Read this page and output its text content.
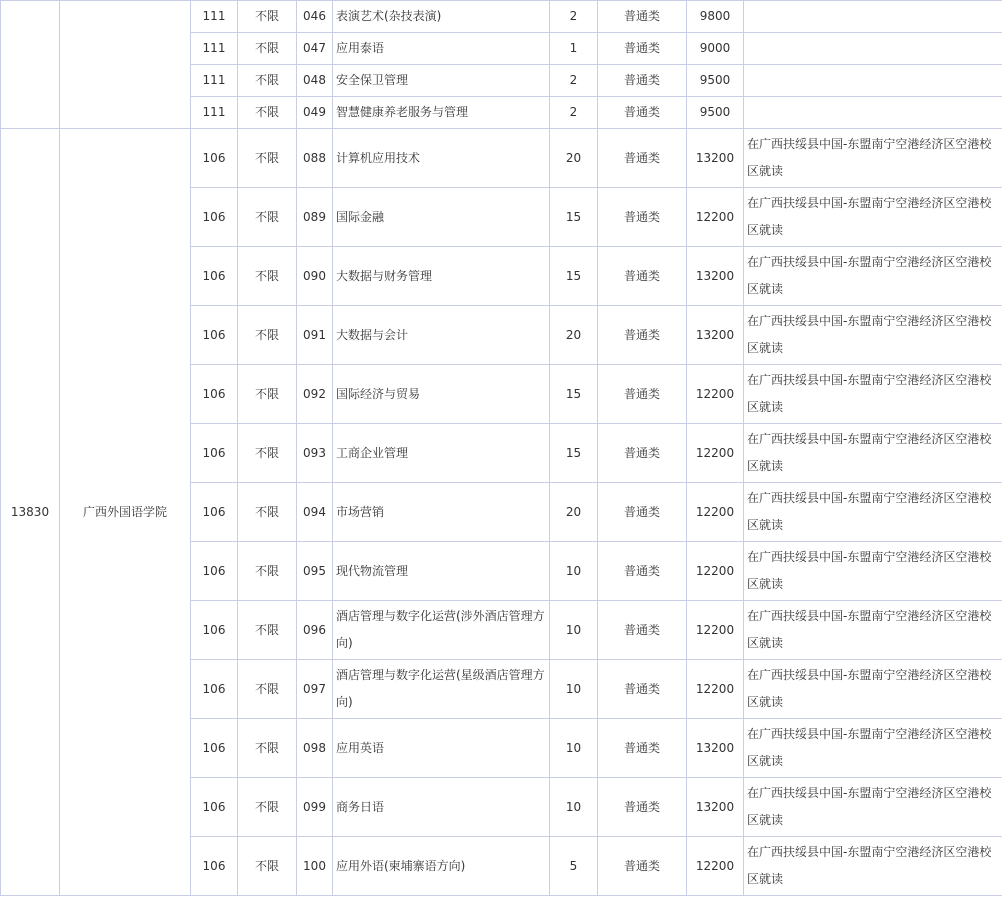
		111	不限	046	表演艺术(杂技表演)	2	普通类	9800	
		111	不限	047	应用泰语	1	普通类	9000	
		111	不限	048	安全保卫管理	2	普通类	9500	
		111	不限	049	智慧健康养老服务与管理	2	普通类	9500	
13830	广西外国语学院	106	不限	088	计算机应用技术	20	普通类	13200	在广西扶绥县中国-东盟南宁空港经济区空港校区就读
		106	不限	089	国际金融	15	普通类	12200	在广西扶绥县中国-东盟南宁空港经济区空港校区就读
		106	不限	090	大数据与财务管理	15	普通类	13200	在广西扶绥县中国-东盟南宁空港经济区空港校区就读
		106	不限	091	大数据与会计	20	普通类	13200	在广西扶绥县中国-东盟南宁空港经济区空港校区就读
		106	不限	092	国际经济与贸易	15	普通类	12200	在广西扶绥县中国-东盟南宁空港经济区空港校区就读
		106	不限	093	工商企业管理	15	普通类	12200	在广西扶绥县中国-东盟南宁空港经济区空港校区就读
		106	不限	094	市场营销	20	普通类	12200	在广西扶绥县中国-东盟南宁空港经济区空港校区就读
		106	不限	095	现代物流管理	10	普通类	12200	在广西扶绥县中国-东盟南宁空港经济区空港校区就读
		106	不限	096	酒店管理与数字化运营(涉外酒店管理方向)	10	普通类	12200	在广西扶绥县中国-东盟南宁空港经济区空港校区就读
		106	不限	097	酒店管理与数字化运营(星级酒店管理方向)	10	普通类	12200	在广西扶绥县中国-东盟南宁空港经济区空港校区就读
		106	不限	098	应用英语	10	普通类	13200	在广西扶绥县中国-东盟南宁空港经济区空港校区就读
		106	不限	099	商务日语	10	普通类	13200	在广西扶绥县中国-东盟南宁空港经济区空港校区就读
		106	不限	100	应用外语(柬埔寨语方向)	5	普通类	12200	在广西扶绥县中国-东盟南宁空港经济区空港校区就读
